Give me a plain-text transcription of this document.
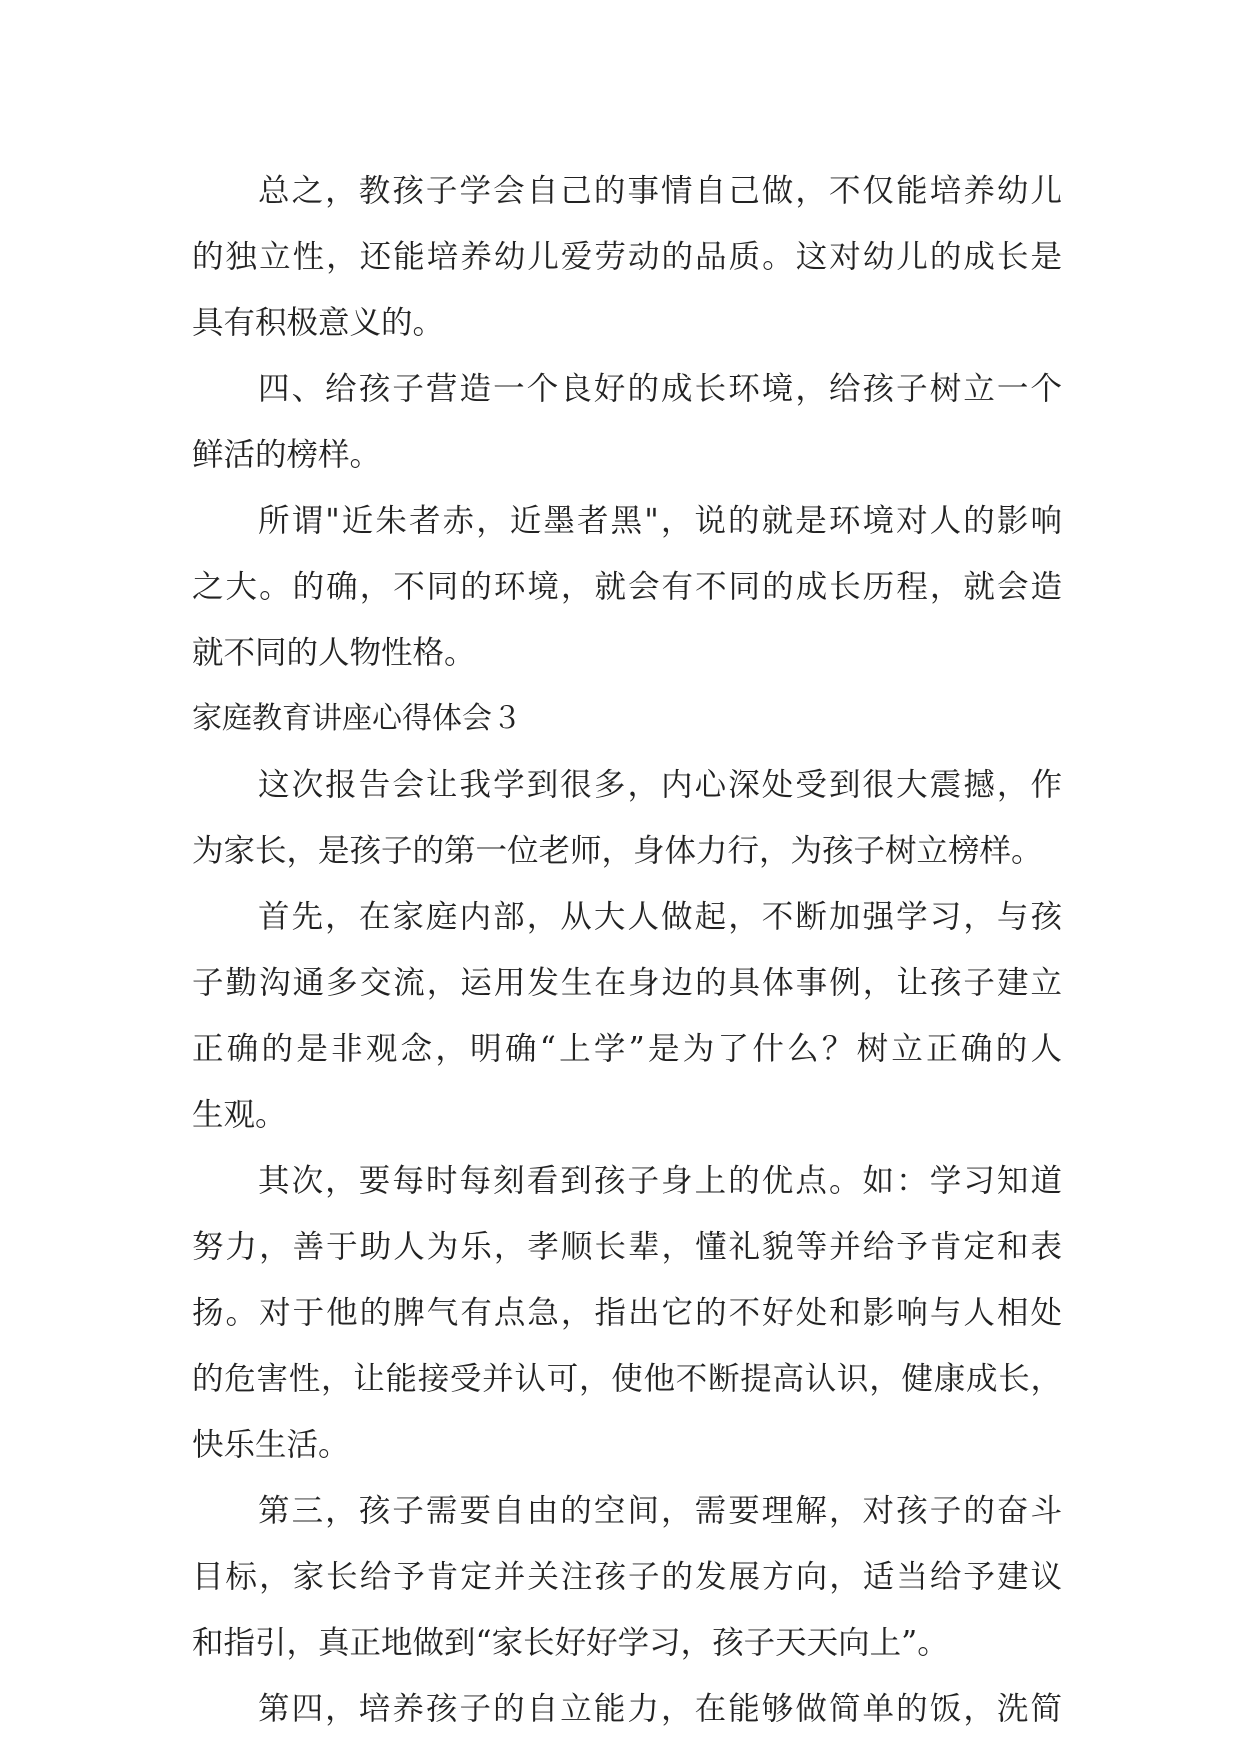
总之，教孩子学会自己的事情自己做，不仅能培养幼儿
的独立性，还能培养幼儿爱劳动的品质。这对幼儿的成长是
具有积极意义的。
四、给孩子营造一个良好的成长环境，给孩子树立一个
鲜活的榜样。
所谓"近朱者赤，近墨者黑"，说的就是环境对人的影响
之大。的确，不同的环境，就会有不同的成长历程，就会造
就不同的人物性格。
家庭教育讲座心得体会３
这次报告会让我学到很多，内心深处受到很大震撼，作
为家长，是孩子的第一位老师，身体力行，为孩子树立榜样。
首先，在家庭内部，从大人做起，不断加强学习，与孩
子勤沟通多交流，运用发生在身边的具体事例，让孩子建立
正确的是非观念，明确“上学”是为了什么？树立正确的人
生观。
其次，要每时每刻看到孩子身上的优点。如：学习知道
努力，善于助人为乐，孝顺长辈，懂礼貌等并给予肯定和表
扬。对于他的脾气有点急，指出它的不好处和影响与人相处
的危害性，让能接受并认可，使他不断提高认识，健康成长，
快乐生活。
第三，孩子需要自由的空间，需要理解，对孩子的奋斗
目标，家长给予肯定并关注孩子的发展方向，适当给予建议
和指引，真正地做到“家长好好学习，孩子天天向上”。
第四，培养孩子的自立能力，在能够做简单的饭，洗简
